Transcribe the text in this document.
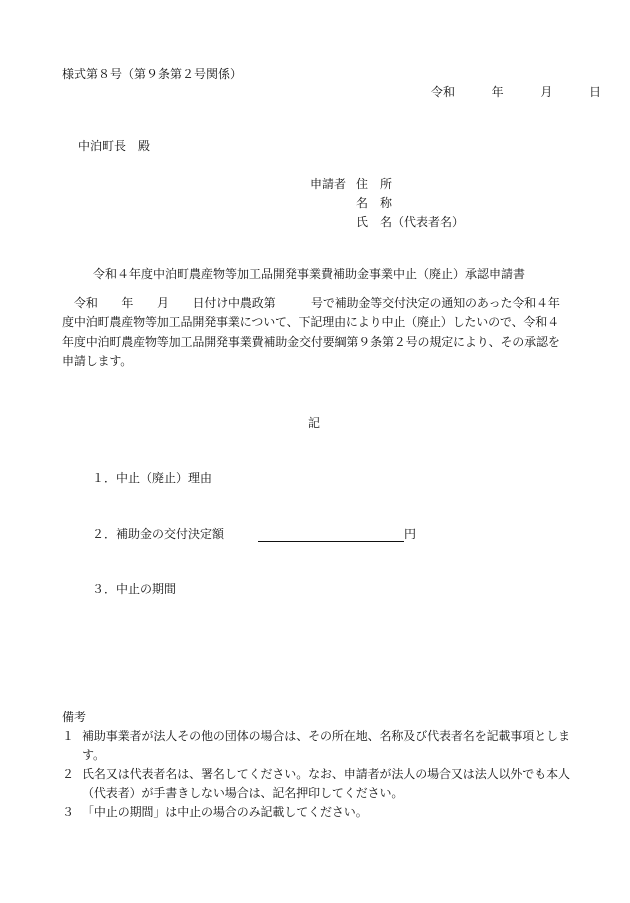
様式第８号（第９条第２号関係）
令和	年	月	日
中泊町長　殿
申請者 住　所
名　称
氏　名（代表者名）
令和４年度中泊町農産物等加工品開発事業費補助金事業中止（廃止）承認申請書
令和　　年　　月　　日付け中農政第　　　号で補助金等交付決定の通知のあった令和４年度中泊町農産物等加工品開発事業について、下記理由により中止（廃止）したいので、令和４年度中泊町農産物等加工品開発事業費補助金交付要綱第９条第２号の規定により、その承認を申請します。
記
１．中止（廃止）理由
２．補助金の交付決定額	円
３．中止の期間
備考
１ 補助事業者が法人その他の団体の場合は、その所在地、名称及び代表者名を記載事項とします。
２ 氏名又は代表者名は、署名してください。なお、申請者が法人の場合又は法人以外でも本人（代表者）が手書きしない場合は、記名押印してください。
３ 「中止の期間」は中止の場合のみ記載してください。
